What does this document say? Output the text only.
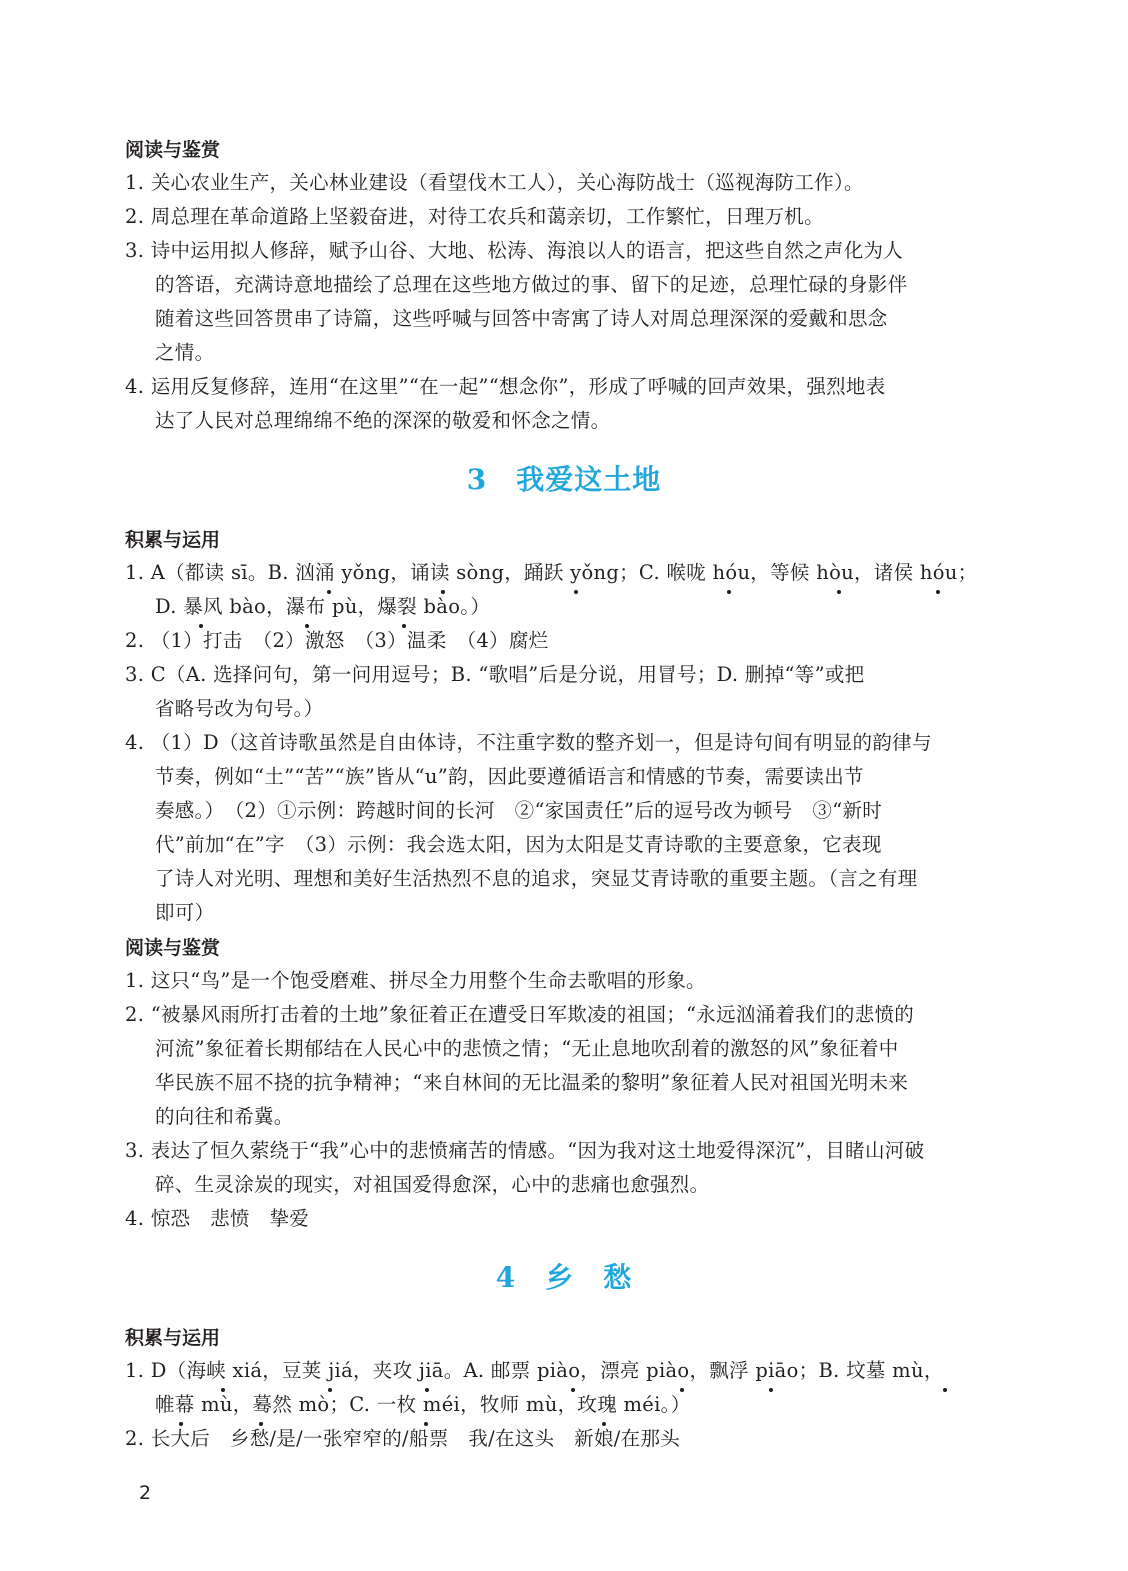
阅读与鉴赏
1. 关心农业生产，关心林业建设（看望伐木工人），关心海防战士（巡视海防工作）。
2. 周总理在革命道路上坚毅奋进，对待工农兵和蔼亲切，工作繁忙，日理万机。
3. 诗中运用拟人修辞，赋予山谷、大地、松涛、海浪以人的语言，把这些自然之声化为人
的答语，充满诗意地描绘了总理在这些地方做过的事、留下的足迹，总理忙碌的身影伴
随着这些回答贯串了诗篇，这些呼喊与回答中寄寓了诗人对周总理深深的爱戴和思念
之情。
4. 运用反复修辞，连用“在这里”“在一起”“想念你”，形成了呼喊的回声效果，强烈地表
达了人民对总理绵绵不绝的深深的敬爱和怀念之情。
3　我爱这土地
积累与运用
1. A（都读 sī。B. 汹涌 yǒng，诵读 sòng，踊跃 yǒng；C. 喉咙 hóu，等候 hòu，诸侯 hóu；
D. 暴风 bào，瀑布 pù，爆裂 bào。）
2. （1）打击　（2）激怒　（3）温柔　（4）腐烂
3. C（A. 选择问句，第一问用逗号；B. “歌唱”后是分说，用冒号；D. 删掉“等”或把
省略号改为句号。）
4. （1）D（这首诗歌虽然是自由体诗，不注重字数的整齐划一，但是诗句间有明显的韵律与
节奏，例如“土”“苦”“族”皆从“u”韵，因此要遵循语言和情感的节奏，需要读出节
奏感。）　（2）①示例：跨越时间的长河　②“家国责任”后的逗号改为顿号　③“新时
代”前加“在”字　（3）示例：我会选太阳，因为太阳是艾青诗歌的主要意象，它表现
了诗人对光明、理想和美好生活热烈不息的追求，突显艾青诗歌的重要主题。（言之有理
即可）
阅读与鉴赏
1. 这只“鸟”是一个饱受磨难、拼尽全力用整个生命去歌唱的形象。
2. “被暴风雨所打击着的土地”象征着正在遭受日军欺凌的祖国；“永远汹涌着我们的悲愤的
河流”象征着长期郁结在人民心中的悲愤之情；“无止息地吹刮着的激怒的风”象征着中
华民族不屈不挠的抗争精神；“来自林间的无比温柔的黎明”象征着人民对祖国光明未来
的向往和希冀。
3. 表达了恒久萦绕于“我”心中的悲愤痛苦的情感。“因为我对这土地爱得深沉”，目睹山河破
碎、生灵涂炭的现实，对祖国爱得愈深，心中的悲痛也愈强烈。
4. 惊恐　悲愤　挚爱
4　乡　愁
积累与运用
1. D（海峡 xiá，豆荚 jiá，夹攻 jiā。A. 邮票 piào，漂亮 piào，飘浮 piāo；B. 坟墓 mù，
帷幕 mù，蓦然 mò；C. 一枚 méi，牧师 mù，玫瑰 méi。）
2. 长大后　乡愁/是/一张窄窄的/船票　我/在这头　新娘/在那头
2
